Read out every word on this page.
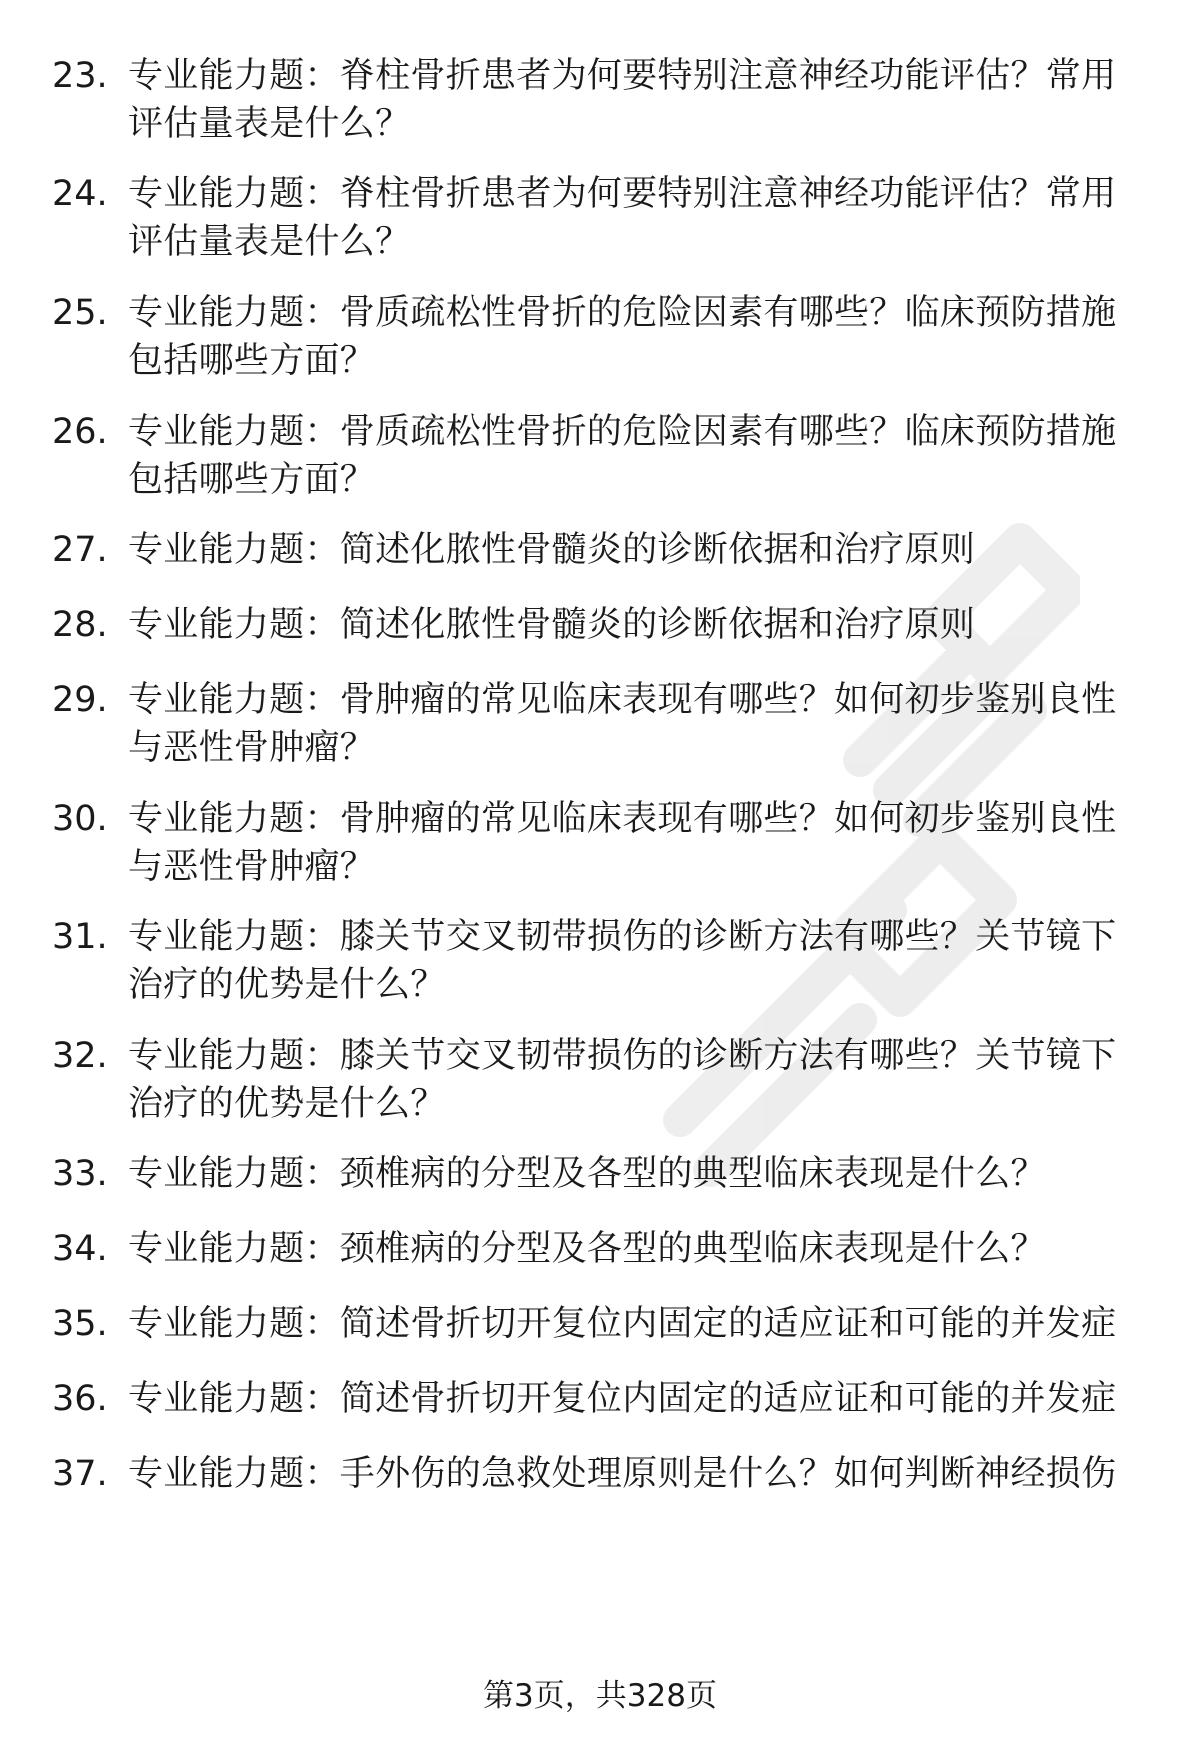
23. 专业能力题：脊柱骨折患者为何要特别注意神经功能评估？常用评估量表是什么？
24. 专业能力题：脊柱骨折患者为何要特别注意神经功能评估？常用评估量表是什么？
25. 专业能力题：骨质疏松性骨折的危险因素有哪些？临床预防措施包括哪些方面？
26. 专业能力题：骨质疏松性骨折的危险因素有哪些？临床预防措施包括哪些方面？
27. 专业能力题：简述化脓性骨髓炎的诊断依据和治疗原则
28. 专业能力题：简述化脓性骨髓炎的诊断依据和治疗原则
29. 专业能力题：骨肿瘤的常见临床表现有哪些？如何初步鉴别良性与恶性骨肿瘤？
30. 专业能力题：骨肿瘤的常见临床表现有哪些？如何初步鉴别良性与恶性骨肿瘤？
31. 专业能力题：膝关节交叉韧带损伤的诊断方法有哪些？关节镜下治疗的优势是什么？
32. 专业能力题：膝关节交叉韧带损伤的诊断方法有哪些？关节镜下治疗的优势是什么？
33. 专业能力题：颈椎病的分型及各型的典型临床表现是什么？
34. 专业能力题：颈椎病的分型及各型的典型临床表现是什么？
35. 专业能力题：简述骨折切开复位内固定的适应证和可能的并发症
36. 专业能力题：简述骨折切开复位内固定的适应证和可能的并发症
37. 专业能力题：手外伤的急救处理原则是什么？如何判断神经损伤
第3页，共328页
